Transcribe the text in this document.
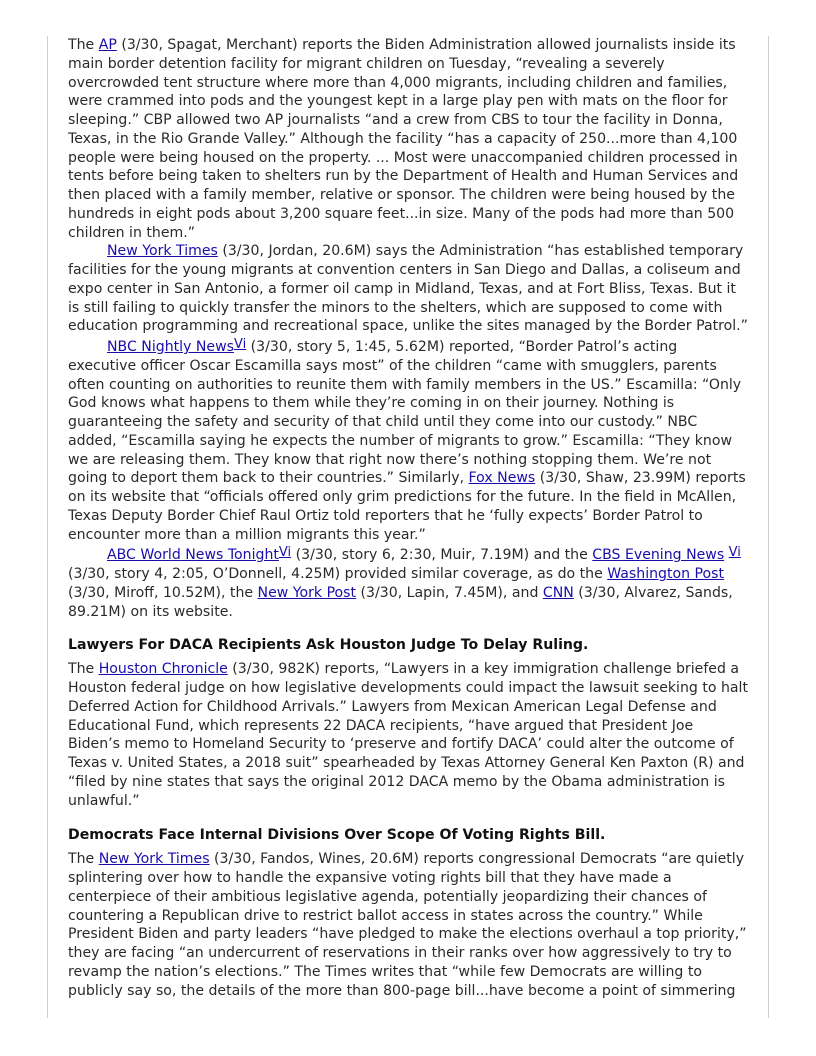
The AP (3/30, Spagat, Merchant) reports the Biden Administration allowed journalists inside its main border detention facility for migrant children on Tuesday, “revealing a severely overcrowded tent structure where more than 4,000 migrants, including children and families, were crammed into pods and the youngest kept in a large play pen with mats on the floor for sleeping.” CBP allowed two AP journalists “and a crew from CBS to tour the facility in Donna, Texas, in the Rio Grande Valley.” Although the facility “has a capacity of 250...more than 4,100 people were being housed on the property. ... Most were unaccompanied children processed in tents before being taken to shelters run by the Department of Health and Human Services and then placed with a family member, relative or sponsor. The children were being housed by the hundreds in eight pods about 3,200 square feet...in size. Many of the pods had more than 500 children in them.”

New York Times (3/30, Jordan, 20.6M) says the Administration “has established temporary facilities for the young migrants at convention centers in San Diego and Dallas, a coliseum and expo center in San Antonio, a former oil camp in Midland, Texas, and at Fort Bliss, Texas. But it is still failing to quickly transfer the minors to the shelters, which are supposed to come with education programming and recreational space, unlike the sites managed by the Border Patrol.”

NBC Nightly NewsVi (3/30, story 5, 1:45, 5.62M) reported, “Border Patrol’s acting executive officer Oscar Escamilla says most” of the children “came with smugglers, parents often counting on authorities to reunite them with family members in the US.” Escamilla: “Only God knows what happens to them while they’re coming in on their journey. Nothing is guaranteeing the safety and security of that child until they come into our custody.” NBC added, “Escamilla saying he expects the number of migrants to grow.” Escamilla: “They know we are releasing them. They know that right now there’s nothing stopping them. We’re not going to deport them back to their countries.” Similarly, Fox News (3/30, Shaw, 23.99M) reports on its website that “officials offered only grim predictions for the future. In the field in McAllen, Texas Deputy Border Chief Raul Ortiz told reporters that he ‘fully expects’ Border Patrol to encounter more than a million migrants this year.”

ABC World News TonightVi (3/30, story 6, 2:30, Muir, 7.19M) and the CBS Evening News Vi (3/30, story 4, 2:05, O’Donnell, 4.25M) provided similar coverage, as do the Washington Post (3/30, Miroff, 10.52M), the New York Post (3/30, Lapin, 7.45M), and CNN (3/30, Alvarez, Sands, 89.21M) on its website.

Lawyers For DACA Recipients Ask Houston Judge To Delay Ruling.

The Houston Chronicle (3/30, 982K) reports, “Lawyers in a key immigration challenge briefed a Houston federal judge on how legislative developments could impact the lawsuit seeking to halt Deferred Action for Childhood Arrivals.” Lawyers from Mexican American Legal Defense and Educational Fund, which represents 22 DACA recipients, “have argued that President Joe Biden’s memo to Homeland Security to ‘preserve and fortify DACA’ could alter the outcome of Texas v. United States, a 2018 suit” spearheaded by Texas Attorney General Ken Paxton (R) and “filed by nine states that says the original 2012 DACA memo by the Obama administration is unlawful.”

Democrats Face Internal Divisions Over Scope Of Voting Rights Bill.

The New York Times (3/30, Fandos, Wines, 20.6M) reports congressional Democrats “are quietly splintering over how to handle the expansive voting rights bill that they have made a centerpiece of their ambitious legislative agenda, potentially jeopardizing their chances of countering a Republican drive to restrict ballot access in states across the country.” While President Biden and party leaders “have pledged to make the elections overhaul a top priority,” they are facing “an undercurrent of reservations in their ranks over how aggressively to try to revamp the nation’s elections.” The Times writes that “while few Democrats are willing to publicly say so, the details of the more than 800-page bill...have become a point of simmering
